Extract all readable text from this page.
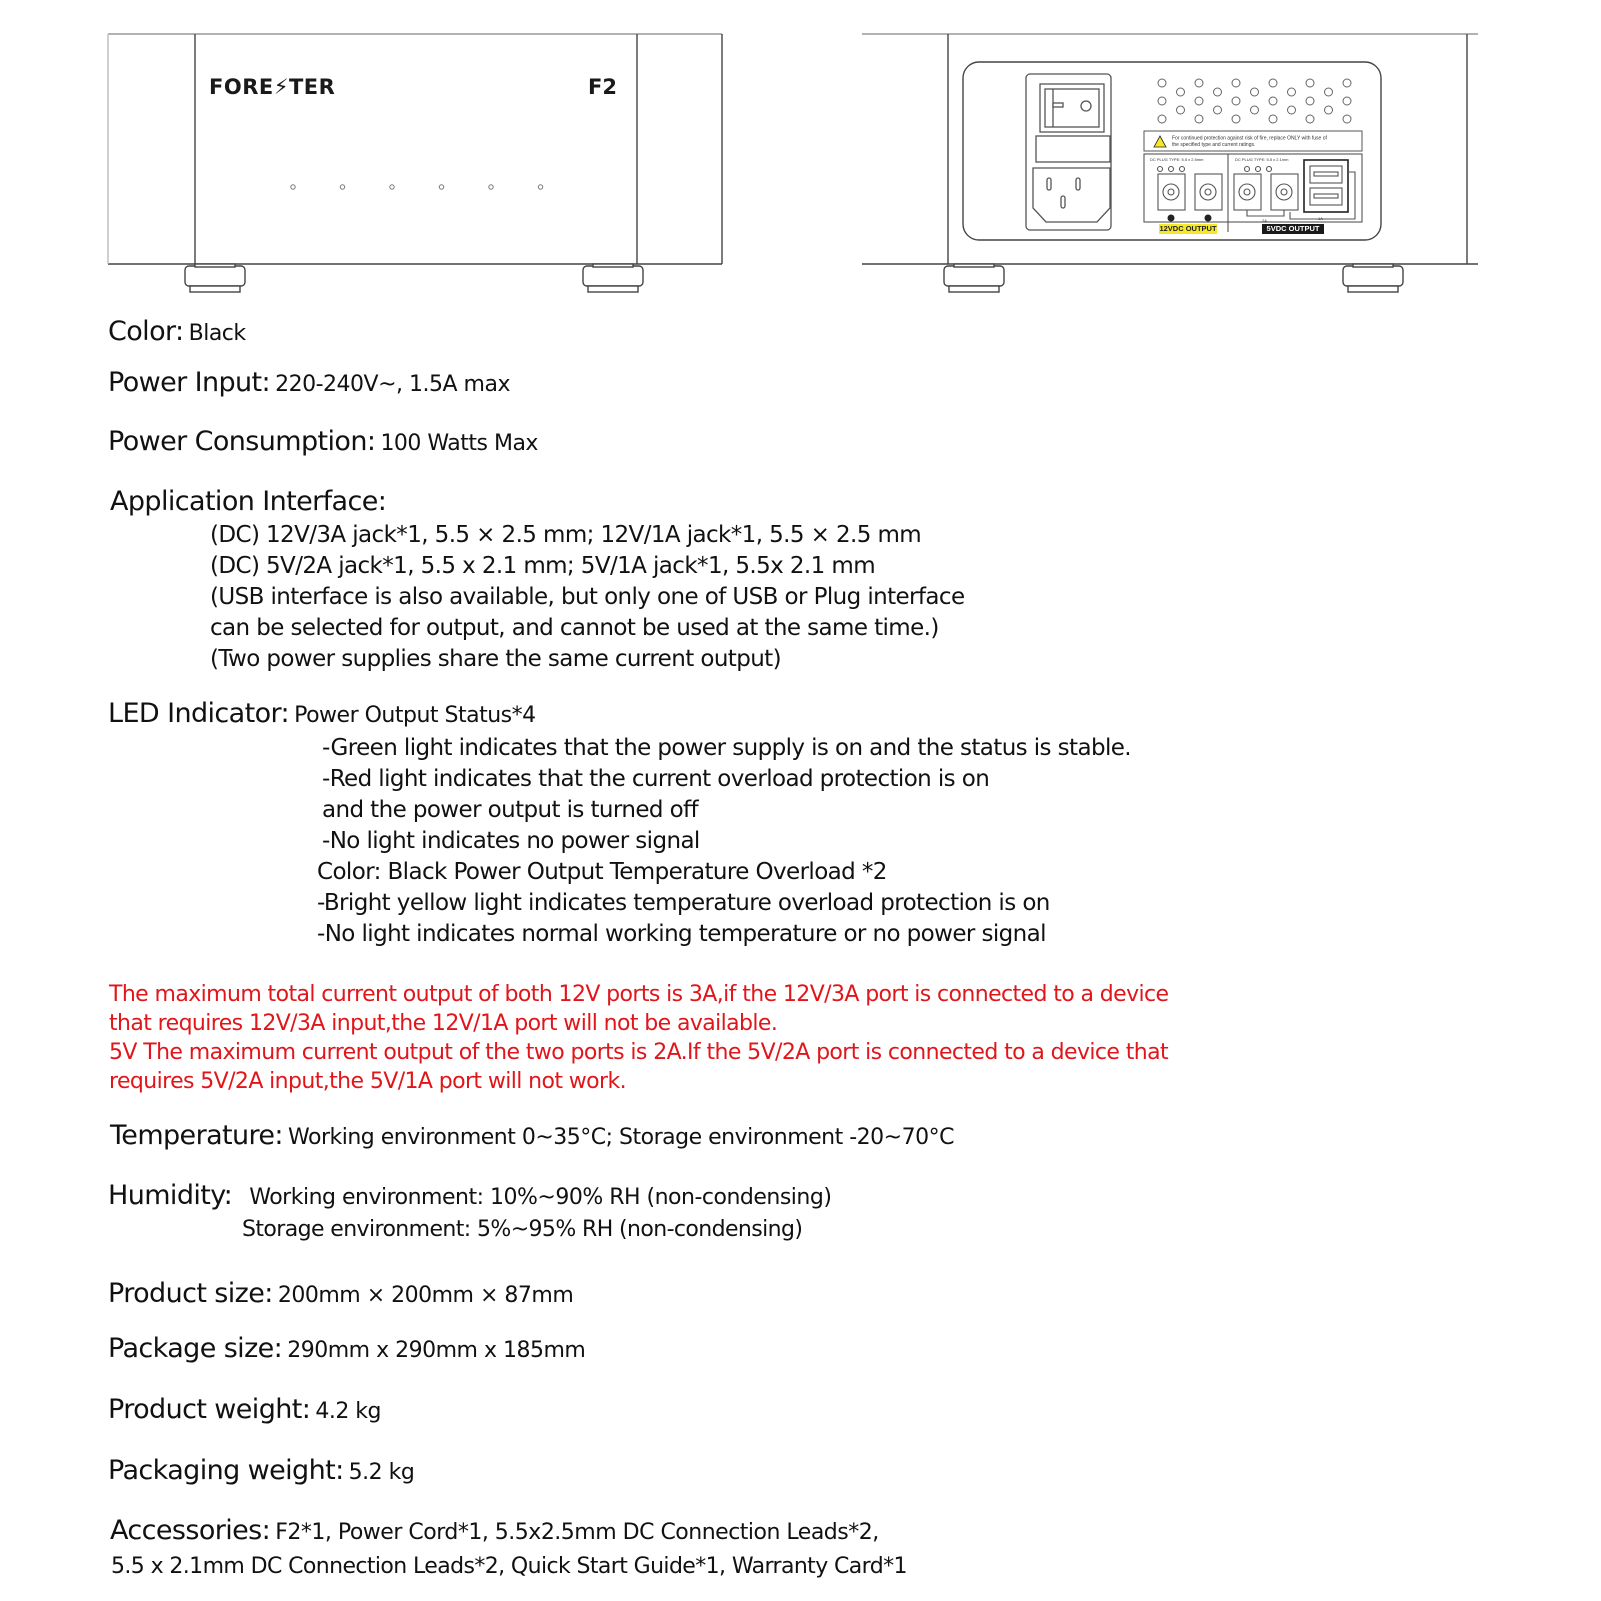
FORE⚡TER	F2
For continued protection against risk of fire, replace ONLY with fuse of
the specified type and current ratings.
DC PLUG TYPE: 5.5 x 2.5mm	DC PLUG TYPE: 5.5 x 2.1mm
2A	1A
12VDC OUTPUT	5VDC OUTPUT
Color: Black
Power Input: 220-240V~, 1.5A max
Power Consumption: 100 Watts Max
Application Interface:
(DC) 12V/3A jack*1, 5.5 × 2.5 mm; 12V/1A jack*1, 5.5 × 2.5 mm
(DC) 5V/2A jack*1, 5.5 x 2.1 mm; 5V/1A jack*1, 5.5x 2.1 mm
(USB interface is also available, but only one of USB or Plug interface
can be selected for output, and cannot be used at the same time.)
(Two power supplies share the same current output)
LED Indicator: Power Output Status*4
-Green light indicates that the power supply is on and the status is stable.
-Red light indicates that the current overload protection is on
and the power output is turned off
-No light indicates no power signal
Color: Black Power Output Temperature Overload *2
-Bright yellow light indicates temperature overload protection is on
-No light indicates normal working temperature or no power signal
The maximum total current output of both 12V ports is 3A,if the 12V/3A port is connected to a device
that requires 12V/3A input,the 12V/1A port will not be available.
5V The maximum current output of the two ports is 2A.If the 5V/2A port is connected to a device that
requires 5V/2A input,the 5V/1A port will not work.
Temperature: Working environment 0~35°C; Storage environment -20~70°C
Humidity: Working environment: 10%~90% RH (non-condensing)
Storage environment: 5%~95% RH (non-condensing)
Product size: 200mm × 200mm × 87mm
Package size: 290mm x 290mm x 185mm
Product weight: 4.2 kg
Packaging weight: 5.2 kg
Accessories: F2*1, Power Cord*1, 5.5x2.5mm DC Connection Leads*2,
5.5 x 2.1mm DC Connection Leads*2, Quick Start Guide*1, Warranty Card*1
